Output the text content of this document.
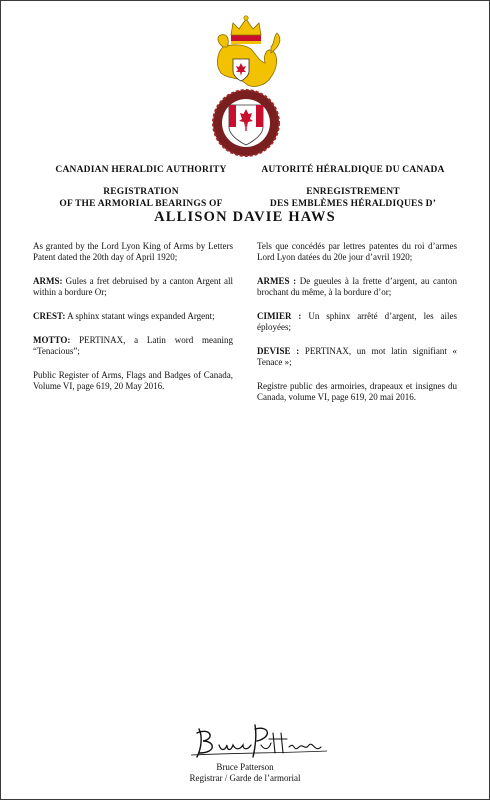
CANADIAN HERALDIC AUTHORITY
REGISTRATION
OF THE ARMORIAL BEARINGS OF
AUTORITÉ HÉRALDIQUE DU CANADA
ENREGISTREMENT
DES EMBLÈMES HÉRALDIQUES D’
ALLISON DAVIE HAWS

As granted by the Lord Lyon King of Arms by Letters Patent dated the 20th day of April 1920;

ARMS: Gules a fret debruised by a canton Argent all within a bordure Or;

CREST: A sphinx statant wings expanded Argent;

MOTTO: PERTINAX, a Latin word meaning “Tenacious”;

Public Register of Arms, Flags and Badges of Canada, Volume VI, page 619, 20 May 2016.

Tels que concédés par lettres patentes du roi d’armes Lord Lyon datées du 20e jour d’avril 1920;

ARMES : De gueules à la frette d’argent, au canton brochant du même, à la bordure d’or;

CIMIER : Un sphinx arrêté d’argent, les ailes éployées;

DEVISE : PERTINAX, un mot latin signifiant « Tenace »;

Registre public des armoiries, drapeaux et insignes du Canada, volume VI, page 619, 20 mai 2016.

Bruce Patterson
Registrar / Garde de l’armorial
